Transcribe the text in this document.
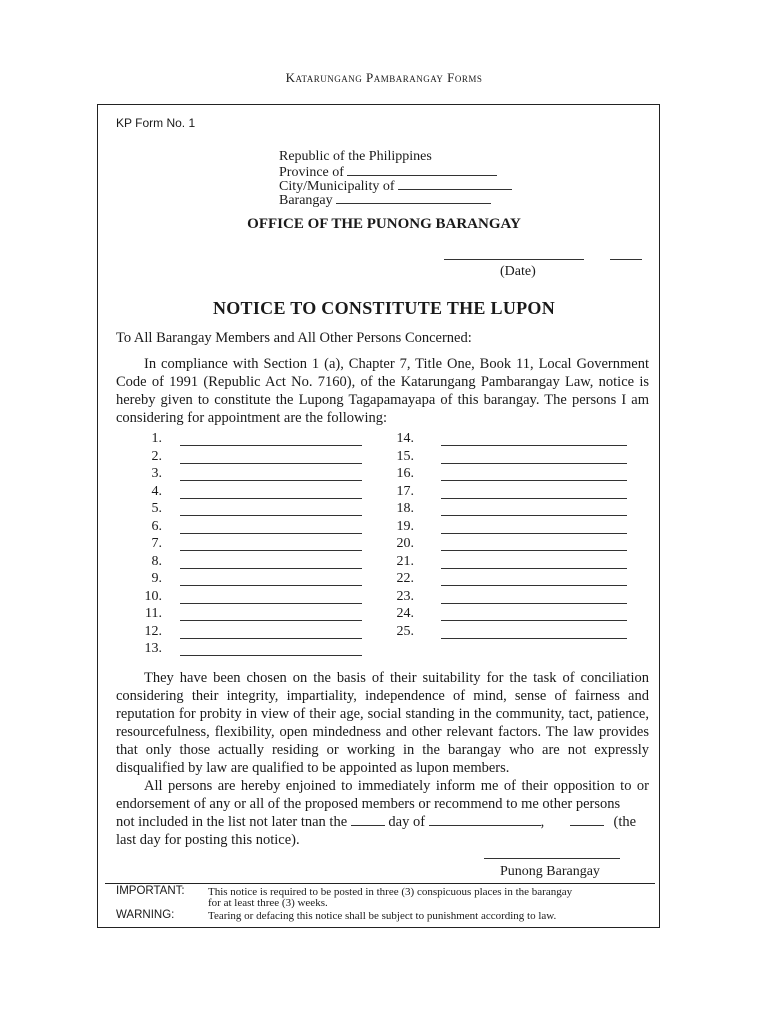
Katarungang Pambarangay Forms
KP Form No. 1
Republic of the Philippines
Province of
City/Municipality of
Barangay
OFFICE OF THE PUNONG BARANGAY
(Date)
NOTICE TO CONSTITUTE THE LUPON
To All Barangay Members and All Other Persons Concerned:
In compliance with Section 1 (a), Chapter 7, Title One, Book 11, Local Government Code of 1991 (Republic Act No. 7160), of the Katarungang Pambarangay Law, notice is hereby given to constitute the Lupong Tagapamayapa of this barangay. The persons I am considering for appointment are the following:
1.
2.
3.
4.
5.
6.
7.
8.
9.
10.
11.
12.
13.
14.
15.
16.
17.
18.
19.
20.
21.
22.
23.
24.
25.
They have been chosen on the basis of their suitability for the task of conciliation considering their integrity, impartiality, independence of mind, sense of fairness and reputation for probity in view of their age, social standing in the community, tact, patience, resourcefulness, flexibility, open mindedness and other relevant factors. The law provides that only those actually residing or working in the barangay who are not expressly disqualified by law are qualified to be appointed as lupon members.
All persons are hereby enjoined to immediately inform me of their opposition to or endorsement of any or all of the proposed members or recommend to me other persons
not included in the list not later tnan the	day of	,	(the
last day for posting this notice).
Punong Barangay
IMPORTANT: This notice is required to be posted in three (3) conspicuous places in the barangay
for at least three (3) weeks.
WARNING:	Tearing or defacing this notice shall be subject to punishment according to law.
